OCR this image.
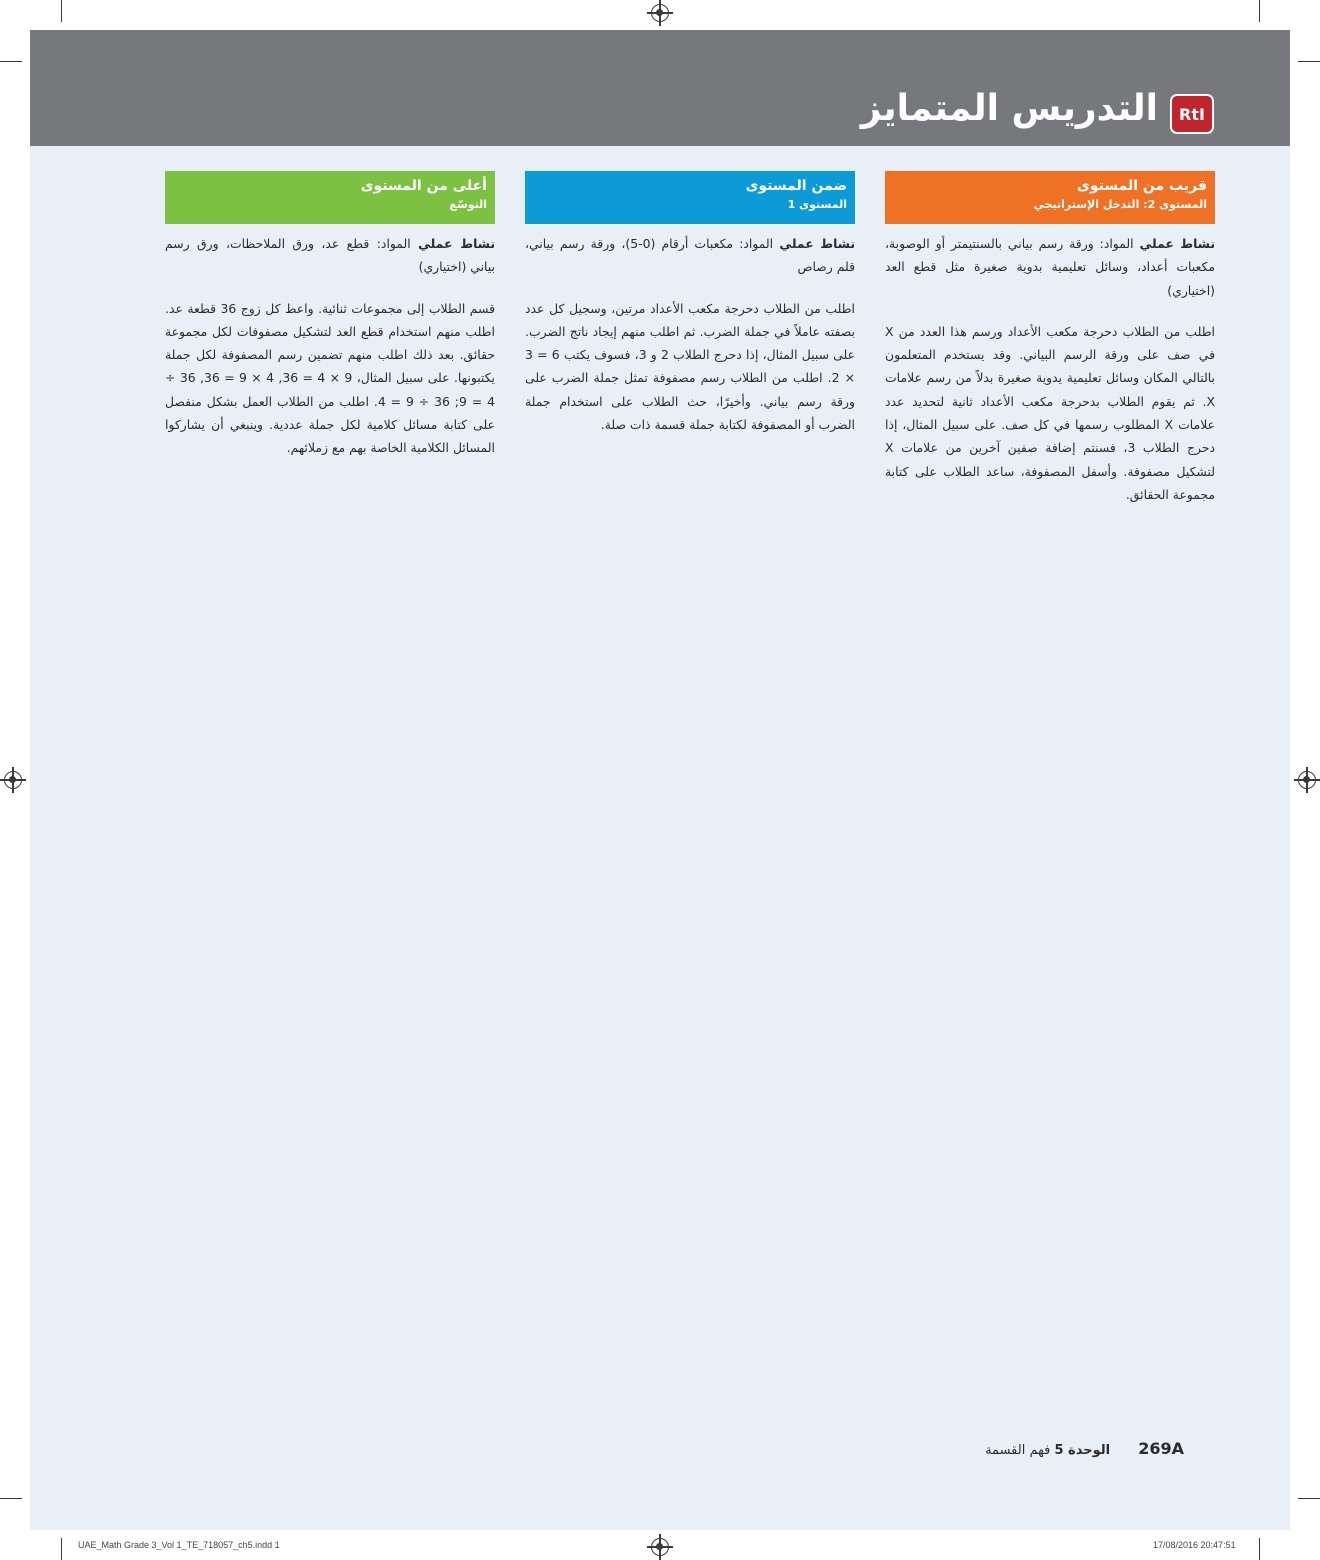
التدريس المتمايز	RtI
قريب من المستوى
المستوى 2: التدخل الإستراتيجي

نشاط عملي المواد: ورقة رسم بياني بالسنتيمتر أو الوصوبة، مكعبات أعداد، وسائل تعليمية بدوية صغيرة مثل قطع العد (اختياري)

اطلب من الطلاب دحرجة مكعب الأعداد ورسم هذا العدد من X في صف على ورقة الرسم البياني. وقد يستخدم المتعلمون بالتالي المكان وسائل تعليمية يدوية صغيرة بدلاً من رسم علامات X. ثم يقوم الطلاب بدحرجة مكعب الأعداد ثانية لتحديد عدد علامات X المطلوب رسمها في كل صف. على سبيل المثال، إذا دحرج الطلاب 3، فسنتم إضافة صفين آخرين من علامات X لتشكيل مصفوفة. وأسفل المصفوفة، ساعد الطلاب على كتابة مجموعة الحقائق.

ضمن المستوى
المستوى 1

نشاط عملي المواد: مكعبات أرقام (0-5)، ورقة رسم بياني، قلم رصاص

اطلب من الطلاب دحرجة مكعب الأعداد مرتين، وسجيل كل عدد بصفته عاملاً في جملة الضرب. ثم اطلب منهم إيجاد ناتج الضرب. على سبيل المثال، إذا دحرج الطلاب 2 و 3، فسوف يكتب 6 = 3 × 2. اطلب من الطلاب رسم مصفوفة تمثل جملة الضرب على ورقة رسم بياني. وأخيرًا، حث الطلاب على استخدام جملة الضرب أو المصفوفة لكتابة جملة قسمة ذات صلة.

أعلى من المستوى
التوسّع

نشاط عملي المواد: قطع عد، ورق الملاحظات، ورق رسم بياني (اختياري)

قسم الطلاب إلى مجموعات ثنائية. واعط كل زوج 36 قطعة عد. اطلب منهم استخدام قطع العد لتشكيل مصفوفات لكل مجموعة حقائق. بعد ذلك اطلب منهم تضمين رسم المصفوفة لكل جملة يكتبونها. على سبيل المثال، 9 × 4 = 36, 4 × 9 = 36, 36 ÷ 4 = 9; 36 ÷ 9 = 4. اطلب من الطلاب العمل بشكل منفصل على كتابة مسائل كلامية لكل جملة عددية. وينبغي أن يشاركوا المسائل الكلامية الخاصة بهم مع زملائهم.

269A الوحدة 5 فهم القسمة
UAE_Math Grade 3_Vol 1_TE_718057_ch5.indd 1	17/08/2016 20:47:51
